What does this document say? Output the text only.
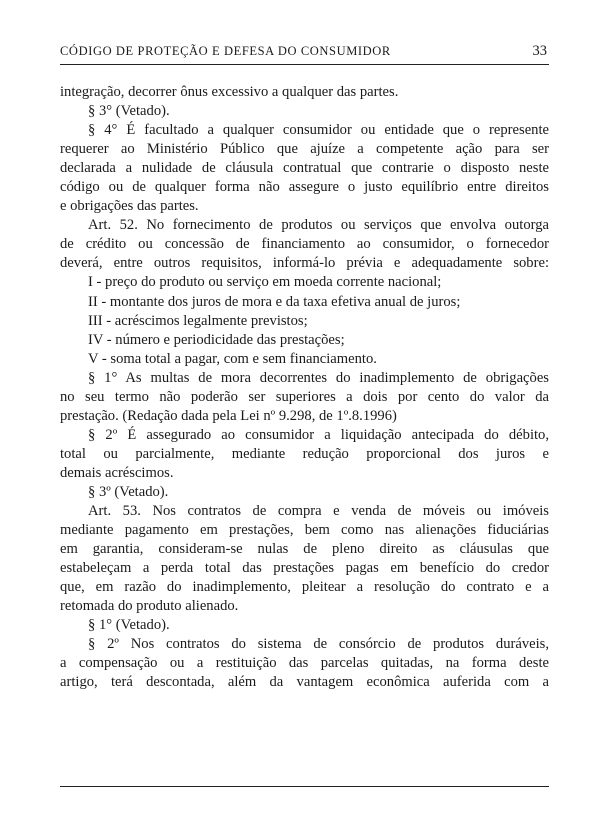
CÓDIGO DE PROTEÇÃO E DEFESA DO CONSUMIDOR	33
integração, decorrer ônus excessivo a qualquer das partes.
§ 3° (Vetado).
§ 4° É facultado a qualquer consumidor ou entidade que o represente
requerer ao Ministério Público que ajuíze a competente ação para ser
declarada a nulidade de cláusula contratual que contrarie o disposto neste
código ou de qualquer forma não assegure o justo equilíbrio entre direitos
e obrigações das partes.
Art. 52. No fornecimento de produtos ou serviços que envolva outorga
de crédito ou concessão de financiamento ao consumidor, o fornecedor
deverá, entre outros requisitos, informá-lo prévia e adequadamente sobre:
I - preço do produto ou serviço em moeda corrente nacional;
II - montante dos juros de mora e da taxa efetiva anual de juros;
III - acréscimos legalmente previstos;
IV - número e periodicidade das prestações;
V - soma total a pagar, com e sem financiamento.
§ 1° As multas de mora decorrentes do inadimplemento de obrigações
no seu termo não poderão ser superiores a dois por cento do valor da
prestação. (Redação dada pela Lei nº 9.298, de 1º.8.1996)
§ 2º É assegurado ao consumidor a liquidação antecipada do débito,
total ou parcialmente, mediante redução proporcional dos juros e
demais acréscimos.
§ 3º (Vetado).
Art. 53. Nos contratos de compra e venda de móveis ou imóveis
mediante pagamento em prestações, bem como nas alienações fiduciárias
em garantia, consideram-se nulas de pleno direito as cláusulas que
estabeleçam a perda total das prestações pagas em benefício do credor
que, em razão do inadimplemento, pleitear a resolução do contrato e a
retomada do produto alienado.
§ 1° (Vetado).
§ 2º Nos contratos do sistema de consórcio de produtos duráveis,
a compensação ou a restituição das parcelas quitadas, na forma deste
artigo, terá descontada, além da vantagem econômica auferida com a
